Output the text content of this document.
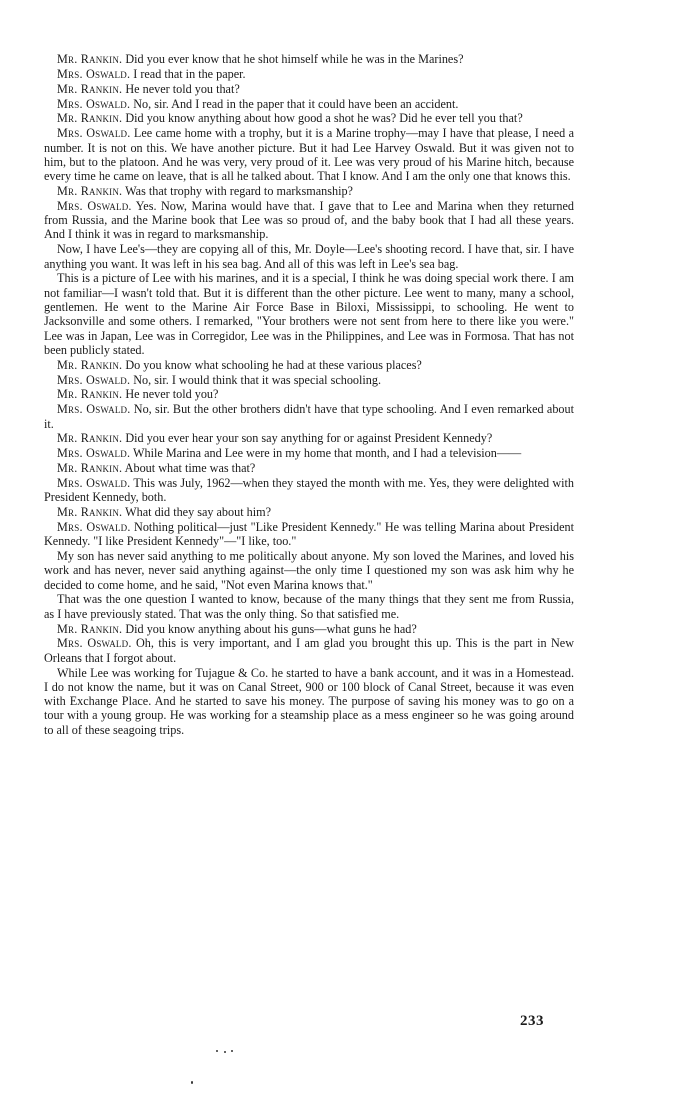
Mr. Rankin. Did you ever know that he shot himself while he was in the Marines?

Mrs. Oswald. I read that in the paper.

Mr. Rankin. He never told you that?

Mrs. Oswald. No, sir. And I read in the paper that it could have been an accident.

Mr. Rankin. Did you know anything about how good a shot he was? Did he ever tell you that?

Mrs. Oswald. Lee came home with a trophy, but it is a Marine trophy—may I have that please, I need a number. It is not on this. We have another picture. But it had Lee Harvey Oswald. But it was given not to him, but to the platoon. And he was very, very proud of it. Lee was very proud of his Marine hitch, because every time he came on leave, that is all he talked about. That I know. And I am the only one that knows this.

Mr. Rankin. Was that trophy with regard to marksmanship?

Mrs. Oswald. Yes. Now, Marina would have that. I gave that to Lee and Marina when they returned from Russia, and the Marine book that Lee was so proud of, and the baby book that I had all these years. And I think it was in regard to marksmanship.

Now, I have Lee's—they are copying all of this, Mr. Doyle—Lee's shooting record. I have that, sir. I have anything you want. It was left in his sea bag. And all of this was left in Lee's sea bag.

This is a picture of Lee with his marines, and it is a special, I think he was doing special work there. I am not familiar—I wasn't told that. But it is different than the other picture. Lee went to many, many a school, gentlemen. He went to the Marine Air Force Base in Biloxi, Mississippi, to schooling. He went to Jacksonville and some others. I remarked, "Your brothers were not sent from here to there like you were." Lee was in Japan, Lee was in Corregidor, Lee was in the Philippines, and Lee was in Formosa. That has not been publicly stated.

Mr. Rankin. Do you know what schooling he had at these various places?

Mrs. Oswald. No, sir. I would think that it was special schooling.

Mr. Rankin. He never told you?

Mrs. Oswald. No, sir. But the other brothers didn't have that type schooling. And I even remarked about it.

Mr. Rankin. Did you ever hear your son say anything for or against President Kennedy?

Mrs. Oswald. While Marina and Lee were in my home that month, and I had a television——

Mr. Rankin. About what time was that?

Mrs. Oswald. This was July, 1962—when they stayed the month with me. Yes, they were delighted with President Kennedy, both.

Mr. Rankin. What did they say about him?

Mrs. Oswald. Nothing political—just "Like President Kennedy." He was telling Marina about President Kennedy. "I like President Kennedy"—"I like, too."

My son has never said anything to me politically about anyone. My son loved the Marines, and loved his work and has never, never said anything against—the only time I questioned my son was ask him why he decided to come home, and he said, "Not even Marina knows that."

That was the one question I wanted to know, because of the many things that they sent me from Russia, as I have previously stated. That was the only thing. So that satisfied me.

Mr. Rankin. Did you know anything about his guns—what guns he had?

Mrs. Oswald. Oh, this is very important, and I am glad you brought this up. This is the part in New Orleans that I forgot about.

While Lee was working for Tujague & Co. he started to have a bank account, and it was in a Homestead. I do not know the name, but it was on Canal Street, 900 or 100 block of Canal Street, because it was even with Exchange Place. And he started to save his money. The purpose of saving his money was to go on a tour with a young group. He was working for a steamship place as a mess engineer so he was going around to all of these seagoing trips.

233
